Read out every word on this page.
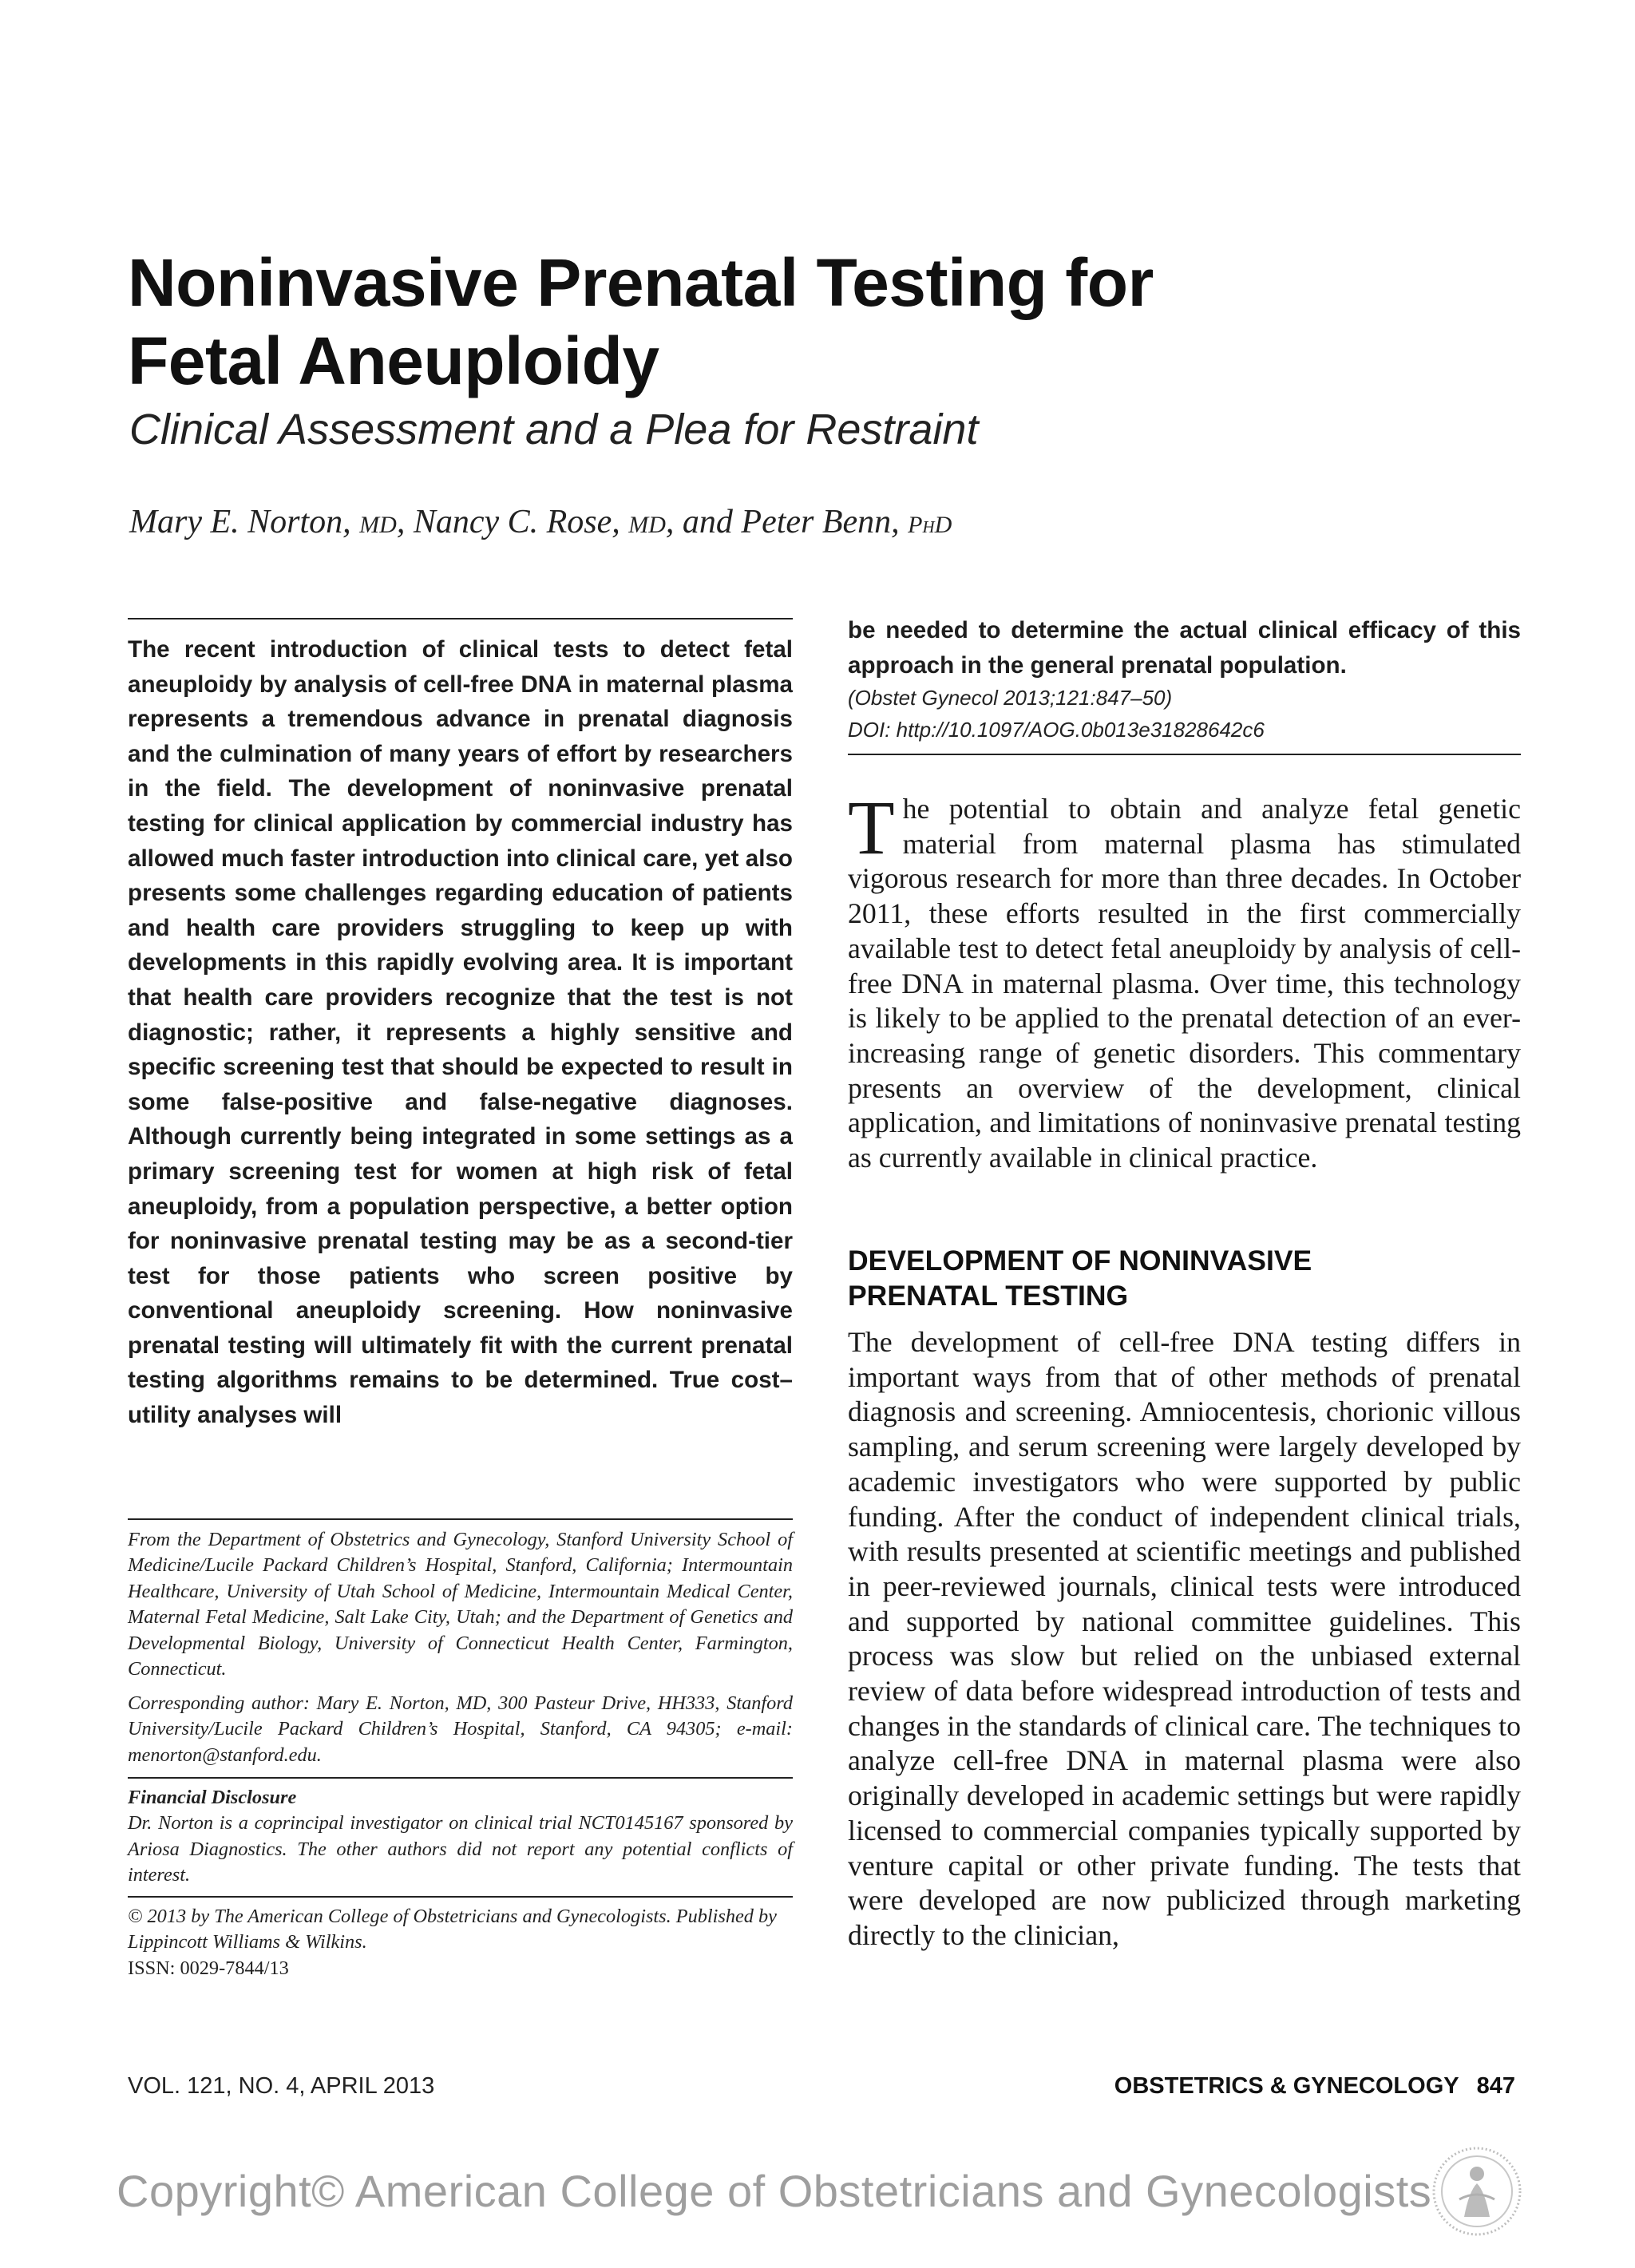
Noninvasive Prenatal Testing for
Fetal Aneuploidy
Clinical Assessment and a Plea for Restraint
Mary E. Norton, MD, Nancy C. Rose, MD, and Peter Benn, PhD
The recent introduction of clinical tests to detect fetal aneuploidy by analysis of cell-free DNA in maternal plasma represents a tremendous advance in prenatal diagnosis and the culmination of many years of effort by researchers in the field. The development of noninvasive prenatal testing for clinical application by commercial industry has allowed much faster introduction into clinical care, yet also presents some challenges regarding education of patients and health care providers struggling to keep up with developments in this rapidly evolving area. It is important that health care providers recognize that the test is not diagnostic; rather, it represents a highly sensitive and specific screening test that should be expected to result in some false-positive and false-negative diagnoses. Although currently being integrated in some settings as a primary screening test for women at high risk of fetal aneuploidy, from a population perspective, a better option for noninvasive prenatal testing may be as a second-tier test for those patients who screen positive by conventional aneuploidy screening. How noninvasive prenatal testing will ultimately fit with the current prenatal testing algorithms remains to be determined. True cost–utility analyses will
be needed to determine the actual clinical efficacy of this approach in the general prenatal population.
(Obstet Gynecol 2013;121:847–50)
DOI: http://10.1097/AOG.0b013e31828642c6
The potential to obtain and analyze fetal genetic material from maternal plasma has stimulated vigorous research for more than three decades. In October 2011, these efforts resulted in the first commercially available test to detect fetal aneuploidy by analysis of cell-free DNA in maternal plasma. Over time, this technology is likely to be applied to the prenatal detection of an ever-increasing range of genetic disorders. This commentary presents an overview of the development, clinical application, and limitations of noninvasive prenatal testing as currently available in clinical practice.
DEVELOPMENT OF NONINVASIVE
PRENATAL TESTING
The development of cell-free DNA testing differs in important ways from that of other methods of prenatal diagnosis and screening. Amniocentesis, chorionic villous sampling, and serum screening were largely developed by academic investigators who were supported by public funding. After the conduct of independent clinical trials, with results presented at scientific meetings and published in peer-reviewed journals, clinical tests were introduced and supported by national committee guidelines. This process was slow but relied on the unbiased external review of data before widespread introduction of tests and changes in the standards of clinical care. The techniques to analyze cell-free DNA in maternal plasma were also originally developed in academic settings but were rapidly licensed to commercial companies typically supported by venture capital or other private funding. The tests that were developed are now publicized through marketing directly to the clinician,
From the Department of Obstetrics and Gynecology, Stanford University School of Medicine/Lucile Packard Children’s Hospital, Stanford, California; Intermountain Healthcare, University of Utah School of Medicine, Intermountain Medical Center, Maternal Fetal Medicine, Salt Lake City, Utah; and the Department of Genetics and Developmental Biology, University of Connecticut Health Center, Farmington, Connecticut.
Corresponding author: Mary E. Norton, MD, 300 Pasteur Drive, HH333, Stanford University/Lucile Packard Children’s Hospital, Stanford, CA 94305; e-mail: menorton@stanford.edu.
Financial Disclosure
Dr. Norton is a coprincipal investigator on clinical trial NCT0145167 sponsored by Ariosa Diagnostics. The other authors did not report any potential conflicts of interest.
© 2013 by The American College of Obstetricians and Gynecologists. Published by Lippincott Williams & Wilkins.
ISSN: 0029-7844/13
VOL. 121, NO. 4, APRIL 2013	OBSTETRICS & GYNECOLOGY 847
Copyright© American College of Obstetricians and Gynecologists
